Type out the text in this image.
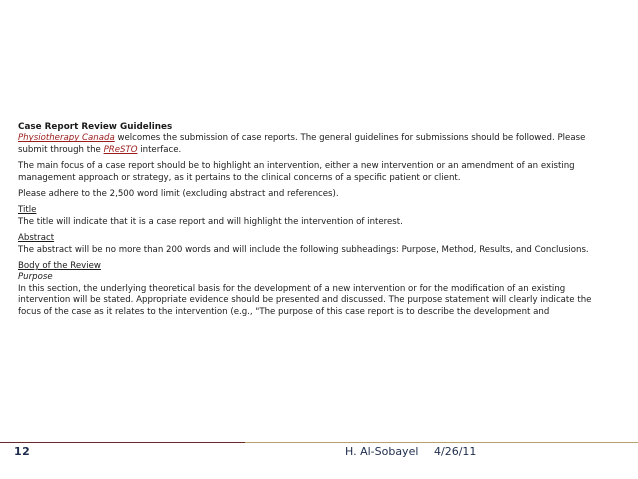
Case Report Review Guidelines

Physiotherapy Canada welcomes the submission of case reports. The general guidelines for submissions should be followed. Please

submit through the PReSTO interface.

The main focus of a case report should be to highlight an intervention, either a new intervention or an amendment of an existing

management approach or strategy, as it pertains to the clinical concerns of a specific patient or client.

Please adhere to the 2,500 word limit (excluding abstract and references).

Title

The title will indicate that it is a case report and will highlight the intervention of interest.

Abstract

The abstract will be no more than 200 words and will include the following subheadings: Purpose, Method, Results, and Conclusions.

Body of the Review

Purpose

In this section, the underlying theoretical basis for the development of a new intervention or for the modification of an existing

intervention will be stated. Appropriate evidence should be presented and discussed. The purpose statement will clearly indicate the

focus of the case as it relates to the intervention (e.g., "The purpose of this case report is to describe the development and

12	H. Al-Sobayel 4/26/11
